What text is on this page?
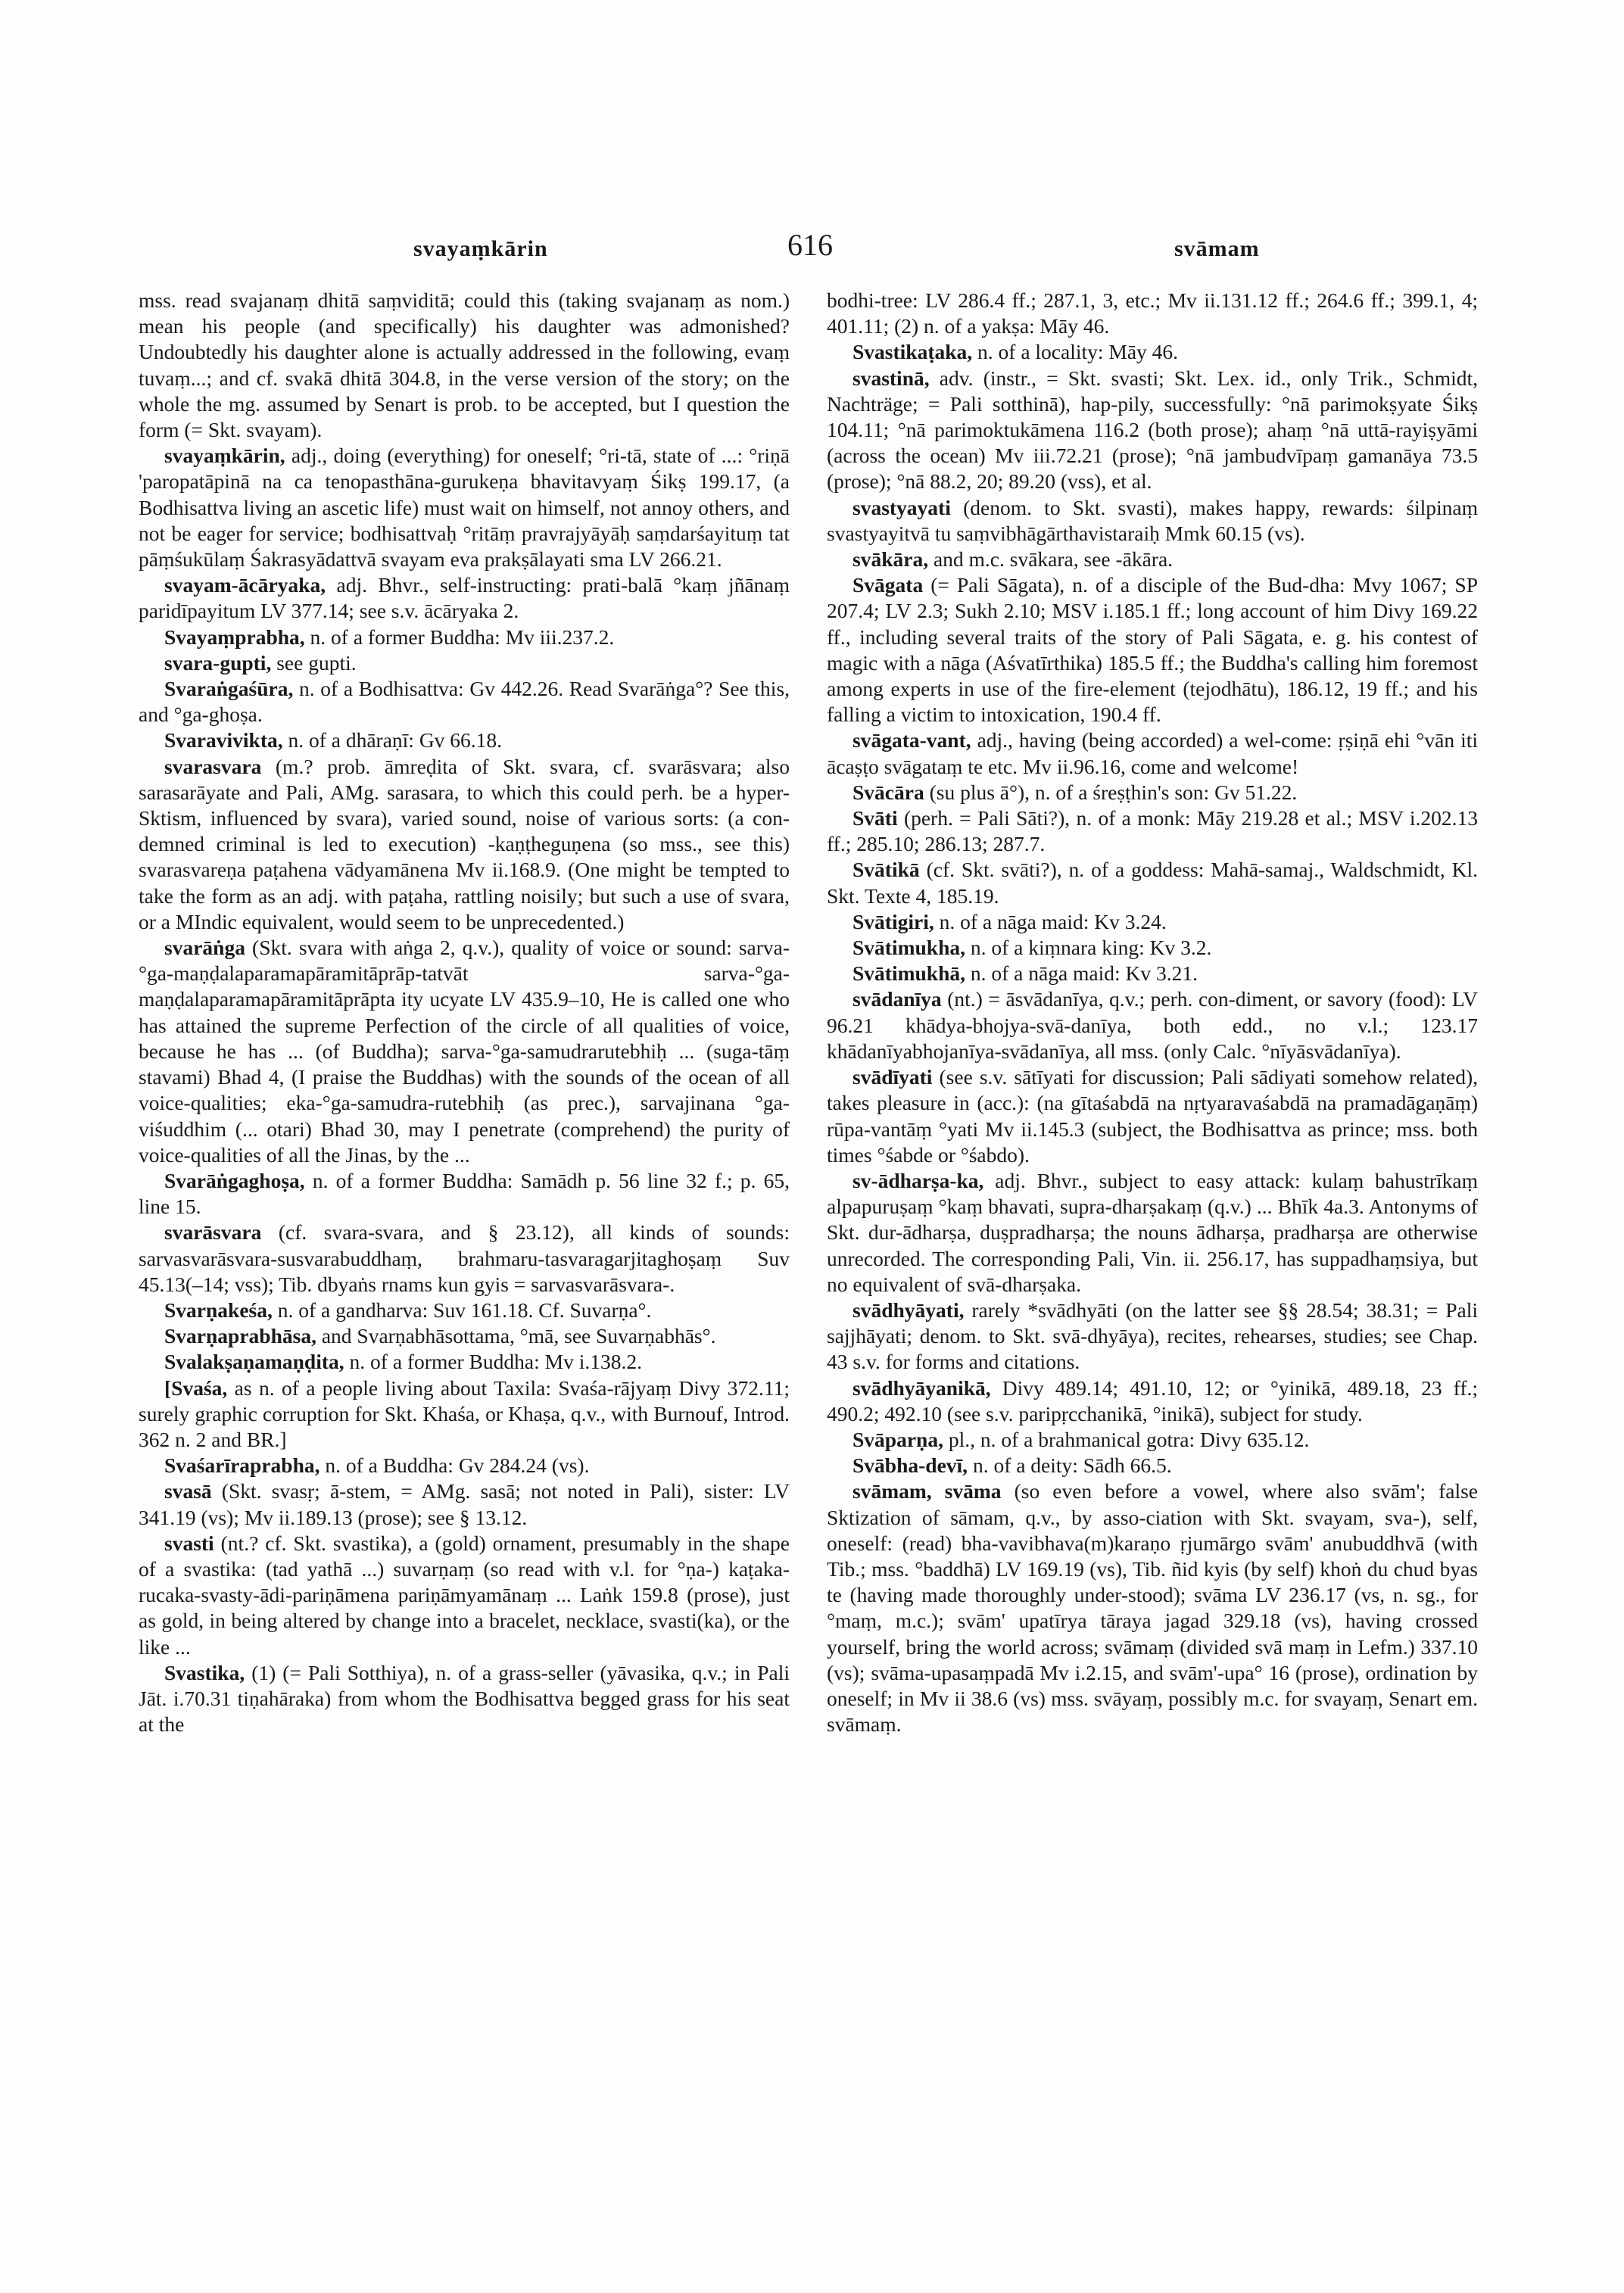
svayaṃkārin	616	svāmam

mss. read svajanaṃ dhitā saṃviditā; could this (taking svajanaṃ as nom.) mean his people (and specifically) his daughter was admonished? Undoubtedly his daughter alone is actually addressed in the following, evaṃ tuvaṃ...; and cf. svakā dhitā 304.8, in the verse version of the story; on the whole the mg. assumed by Senart is prob. to be accepted, but I question the form (= Skt. svayam).

svayaṃkārin, adj., doing (everything) for oneself; °ri-tā, state of ...: °riṇā 'paropatāpinā na ca tenopasthāna-gurukeṇa bhavitavyaṃ Śikṣ 199.17, (a Bodhisattva living an ascetic life) must wait on himself, not annoy others, and not be eager for service; bodhisattvaḥ °ritāṃ pravrajyāyāḥ saṃdarśayituṃ tat pāṃśukūlaṃ Śakrasyādattvā svayam eva prakṣālayati sma LV 266.21.

svayam-ācāryaka, adj. Bhvr., self-instructing: prati-balā °kaṃ jñānaṃ paridīpayitum LV 377.14; see s.v. ācāryaka 2.

Svayaṃprabha, n. of a former Buddha: Mv iii.237.2.

svara-gupti, see gupti.

Svaraṅgaśūra, n. of a Bodhisattva: Gv 442.26. Read Svarāṅga°? See this, and °ga-ghoṣa.

Svaravivikta, n. of a dhāraṇī: Gv 66.18.

svarasvara (m.? prob. āmreḍita of Skt. svara, cf. svarāsvara; also sarasarāyate and Pali, AMg. sarasara, to which this could perh. be a hyper-Sktism, influenced by svara), varied sound, noise of various sorts: (a con-demned criminal is led to execution) -kaṇṭheguṇena (so mss., see this) svarasvareṇa paṭahena vādyamānena Mv ii.168.9. (One might be tempted to take the form as an adj. with paṭaha, rattling noisily; but such a use of svara, or a MIndic equivalent, would seem to be unprecedented.)

svarāṅga (Skt. svara with aṅga 2, q.v.), quality of voice or sound: sarva-°ga-maṇḍalaparamapāramitāprāp-tatvāt sarva-°ga-maṇḍalaparamapāramitāprāpta ity ucyate LV 435.9–10, He is called one who has attained the supreme Perfection of the circle of all qualities of voice, because he has ... (of Buddha); sarva-°ga-samudrarutebhiḥ ... (suga-tāṃ stavami) Bhad 4, (I praise the Buddhas) with the sounds of the ocean of all voice-qualities; eka-°ga-samudra-rutebhiḥ (as prec.), sarvajinana °ga-viśuddhim (... otari) Bhad 30, may I penetrate (comprehend) the purity of voice-qualities of all the Jinas, by the ...

Svarāṅgaghoṣa, n. of a former Buddha: Samādh p. 56 line 32 f.; p. 65, line 15.

svarāsvara (cf. svara-svara, and § 23.12), all kinds of sounds: sarvasvarāsvara-susvarabuddhaṃ, brahmaru-tasvaragarjitaghoṣaṃ Suv 45.13(–14; vss); Tib. dbyaṅs rnams kun gyis = sarvasvarāsvara-.

Svarṇakeśa, n. of a gandharva: Suv 161.18. Cf. Suvarṇa°.

Svarṇaprabhāsa, and Svarṇabhāsottama, °mā, see Suvarṇabhās°.

Svalakṣaṇamaṇḍita, n. of a former Buddha: Mv i.138.2.

[Svaśa, as n. of a people living about Taxila: Svaśa-rājyaṃ Divy 372.11; surely graphic corruption for Skt. Khaśa, or Khaṣa, q.v., with Burnouf, Introd. 362 n. 2 and BR.]

Svaśarīraprabha, n. of a Buddha: Gv 284.24 (vs).

svasā (Skt. svasṛ; ā-stem, = AMg. sasā; not noted in Pali), sister: LV 341.19 (vs); Mv ii.189.13 (prose); see § 13.12.

svasti (nt.? cf. Skt. svastika), a (gold) ornament, presumably in the shape of a svastika: (tad yathā ...) suvarṇaṃ (so read with v.l. for °ṇa-) kaṭaka-rucaka-svasty-ādi-pariṇāmena pariṇāmyamānaṃ ... Laṅk 159.8 (prose), just as gold, in being altered by change into a bracelet, necklace, svasti(ka), or the like ...

Svastika, (1) (= Pali Sotthiya), n. of a grass-seller (yāvasika, q.v.; in Pali Jāt. i.70.31 tiṇahāraka) from whom the Bodhisattva begged grass for his seat at the

bodhi-tree: LV 286.4 ff.; 287.1, 3, etc.; Mv ii.131.12 ff.; 264.6 ff.; 399.1, 4; 401.11; (2) n. of a yakṣa: Māy 46.

Svastikaṭaka, n. of a locality: Māy 46.

svastinā, adv. (instr., = Skt. svasti; Skt. Lex. id., only Trik., Schmidt, Nachträge; = Pali sotthinā), hap-pily, successfully: °nā parimokṣyate Śikṣ 104.11; °nā parimoktukāmena 116.2 (both prose); ahaṃ °nā uttā-rayiṣyāmi (across the ocean) Mv iii.72.21 (prose); °nā jambudvīpaṃ gamanāya 73.5 (prose); °nā 88.2, 20; 89.20 (vss), et al.

svastyayati (denom. to Skt. svasti), makes happy, rewards: śilpinaṃ svastyayitvā tu saṃvibhāgārthavistaraiḥ Mmk 60.15 (vs).

svākāra, and m.c. svākara, see -ākāra.

Svāgata (= Pali Sāgata), n. of a disciple of the Bud-dha: Mvy 1067; SP 207.4; LV 2.3; Sukh 2.10; MSV i.185.1 ff.; long account of him Divy 169.22 ff., including several traits of the story of Pali Sāgata, e. g. his contest of magic with a nāga (Aśvatīrthika) 185.5 ff.; the Buddha's calling him foremost among experts in use of the fire-element (tejodhātu), 186.12, 19 ff.; and his falling a victim to intoxication, 190.4 ff.

svāgata-vant, adj., having (being accorded) a wel-come: ṛṣiṇā ehi °vān iti ācaṣṭo svāgataṃ te etc. Mv ii.96.16, come and welcome!

Svācāra (su plus ā°), n. of a śreṣṭhin's son: Gv 51.22.

Svāti (perh. = Pali Sāti?), n. of a monk: Māy 219.28 et al.; MSV i.202.13 ff.; 285.10; 286.13; 287.7.

Svātikā (cf. Skt. svāti?), n. of a goddess: Mahā-samaj., Waldschmidt, Kl. Skt. Texte 4, 185.19.

Svātigiri, n. of a nāga maid: Kv 3.24.

Svātimukha, n. of a kiṃnara king: Kv 3.2.

Svātimukhā, n. of a nāga maid: Kv 3.21.

svādanīya (nt.) = āsvādanīya, q.v.; perh. con-diment, or savory (food): LV 96.21 khādya-bhojya-svā-danīya, both edd., no v.l.; 123.17 khādanīyabhojanīya-svādanīya, all mss. (only Calc. °nīyāsvādanīya).

svādīyati (see s.v. sātīyati for discussion; Pali sādiyati somehow related), takes pleasure in (acc.): (na gītaśabdā na nṛtyaravaśabdā na pramadāgaṇāṃ) rūpa-vantāṃ °yati Mv ii.145.3 (subject, the Bodhisattva as prince; mss. both times °śabde or °śabdo).

sv-ādharṣa-ka, adj. Bhvr., subject to easy attack: kulaṃ bahustrīkaṃ alpapuruṣaṃ °kaṃ bhavati, supra-dharṣakaṃ (q.v.) ... Bhīk 4a.3. Antonyms of Skt. dur-ādharṣa, duṣpradharṣa; the nouns ādharṣa, pradharṣa are otherwise unrecorded. The corresponding Pali, Vin. ii. 256.17, has suppadhaṃsiya, but no equivalent of svā-dharṣaka.

svādhyāyati, rarely *svādhyāti (on the latter see §§ 28.54; 38.31; = Pali sajjhāyati; denom. to Skt. svā-dhyāya), recites, rehearses, studies; see Chap. 43 s.v. for forms and citations.

svādhyāyanikā, Divy 489.14; 491.10, 12; or °yinikā, 489.18, 23 ff.; 490.2; 492.10 (see s.v. paripṛcchanikā, °inikā), subject for study.

Svāparṇa, pl., n. of a brahmanical gotra: Divy 635.12.

Svābha-devī, n. of a deity: Sādh 66.5.

svāmam, svāma (so even before a vowel, where also svām'; false Sktization of sāmam, q.v., by asso-ciation with Skt. svayam, sva-), self, oneself: (read) bha-vavibhava(m)karaṇo ṛjumārgo svām' anubuddhvā (with Tib.; mss. °baddhā) LV 169.19 (vs), Tib. ñid kyis (by self) khoṅ du chud byas te (having made thoroughly under-stood); svāma LV 236.17 (vs, n. sg., for °maṃ, m.c.); svām' upatīrya tāraya jagad 329.18 (vs), having crossed yourself, bring the world across; svāmaṃ (divided svā maṃ in Lefm.) 337.10 (vs); svāma-upasaṃpadā Mv i.2.15, and svām'-upa° 16 (prose), ordination by oneself; in Mv ii 38.6 (vs) mss. svāyaṃ, possibly m.c. for svayaṃ, Senart em. svāmaṃ.
